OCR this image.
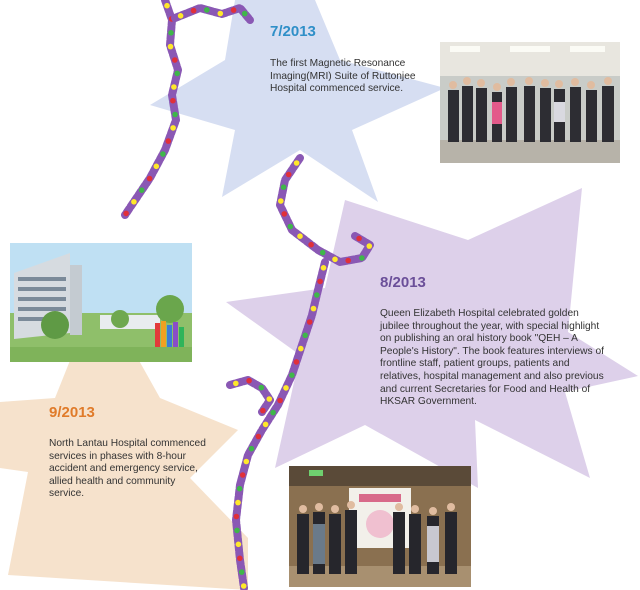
7/2013
The first Magnetic Resonance Imaging(MRI) Suite of Ruttonjee Hospital commenced service.
8/2013
Queen Elizabeth Hospital celebrated golden jubilee throughout the year, with special highlight on publishing an oral history book "QEH – A People's History". The book features interviews of frontline staff, patient groups, patients and relatives, hospital management and also previous and current Secretaries for Food and Health of HKSAR Government.
9/2013
North Lantau Hospital commenced services in phases with 8-hour accident and emergency service, allied health and community service.
